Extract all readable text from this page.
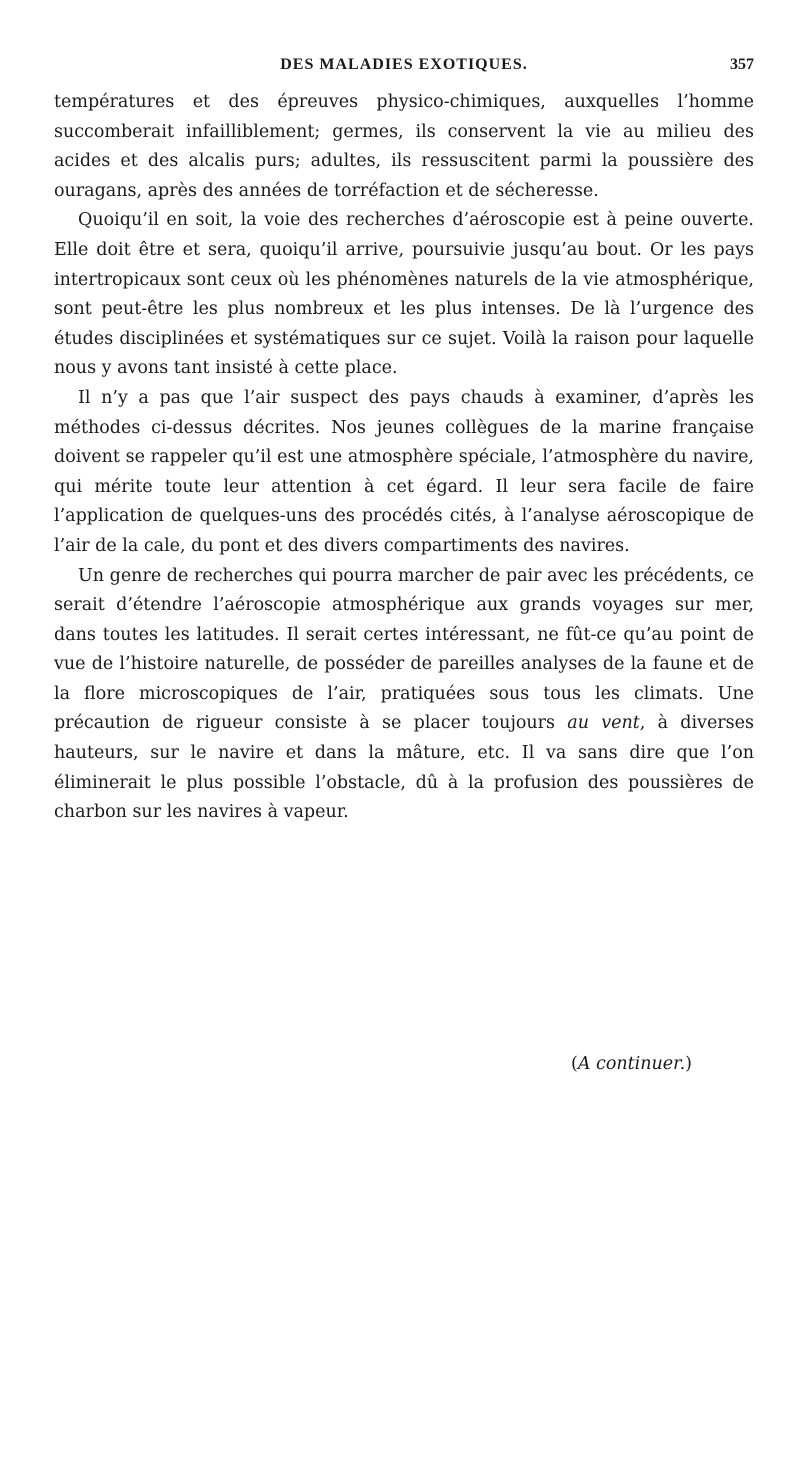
DES MALADIES EXOTIQUES.	357

températures et des épreuves physico-chimiques, auxquelles l’homme succomberait infailliblement; germes, ils conservent la vie au milieu des acides et des alcalis purs; adultes, ils ressuscitent parmi la poussière des ouragans, après des années de torréfaction et de sécheresse.

Quoiqu’il en soit, la voie des recherches d’aéroscopie est à peine ouverte. Elle doit être et sera, quoiqu’il arrive, poursuivie jusqu’au bout. Or les pays intertropicaux sont ceux où les phénomènes naturels de la vie atmosphérique, sont peut-être les plus nombreux et les plus intenses. De là l’urgence des études disciplinées et systématiques sur ce sujet. Voilà la raison pour laquelle nous y avons tant insisté à cette place.

Il n’y a pas que l’air suspect des pays chauds à examiner, d’après les méthodes ci-dessus décrites. Nos jeunes collègues de la marine française doivent se rappeler qu’il est une atmosphère spéciale, l’atmosphère du navire, qui mérite toute leur attention à cet égard. Il leur sera facile de faire l’application de quelques-uns des procédés cités, à l’analyse aéroscopique de l’air de la cale, du pont et des divers compartiments des navires.

Un genre de recherches qui pourra marcher de pair avec les précédents, ce serait d’étendre l’aéroscopie atmosphérique aux grands voyages sur mer, dans toutes les latitudes. Il serait certes intéressant, ne fût-ce qu’au point de vue de l’histoire naturelle, de posséder de pareilles analyses de la faune et de la flore microscopiques de l’air, pratiquées sous tous les climats. Une précaution de rigueur consiste à se placer toujours au vent, à diverses hauteurs, sur le navire et dans la mâture, etc. Il va sans dire que l’on éliminerait le plus possible l’obstacle, dû à la profusion des poussières de charbon sur les navires à vapeur.

(A continuer.)
